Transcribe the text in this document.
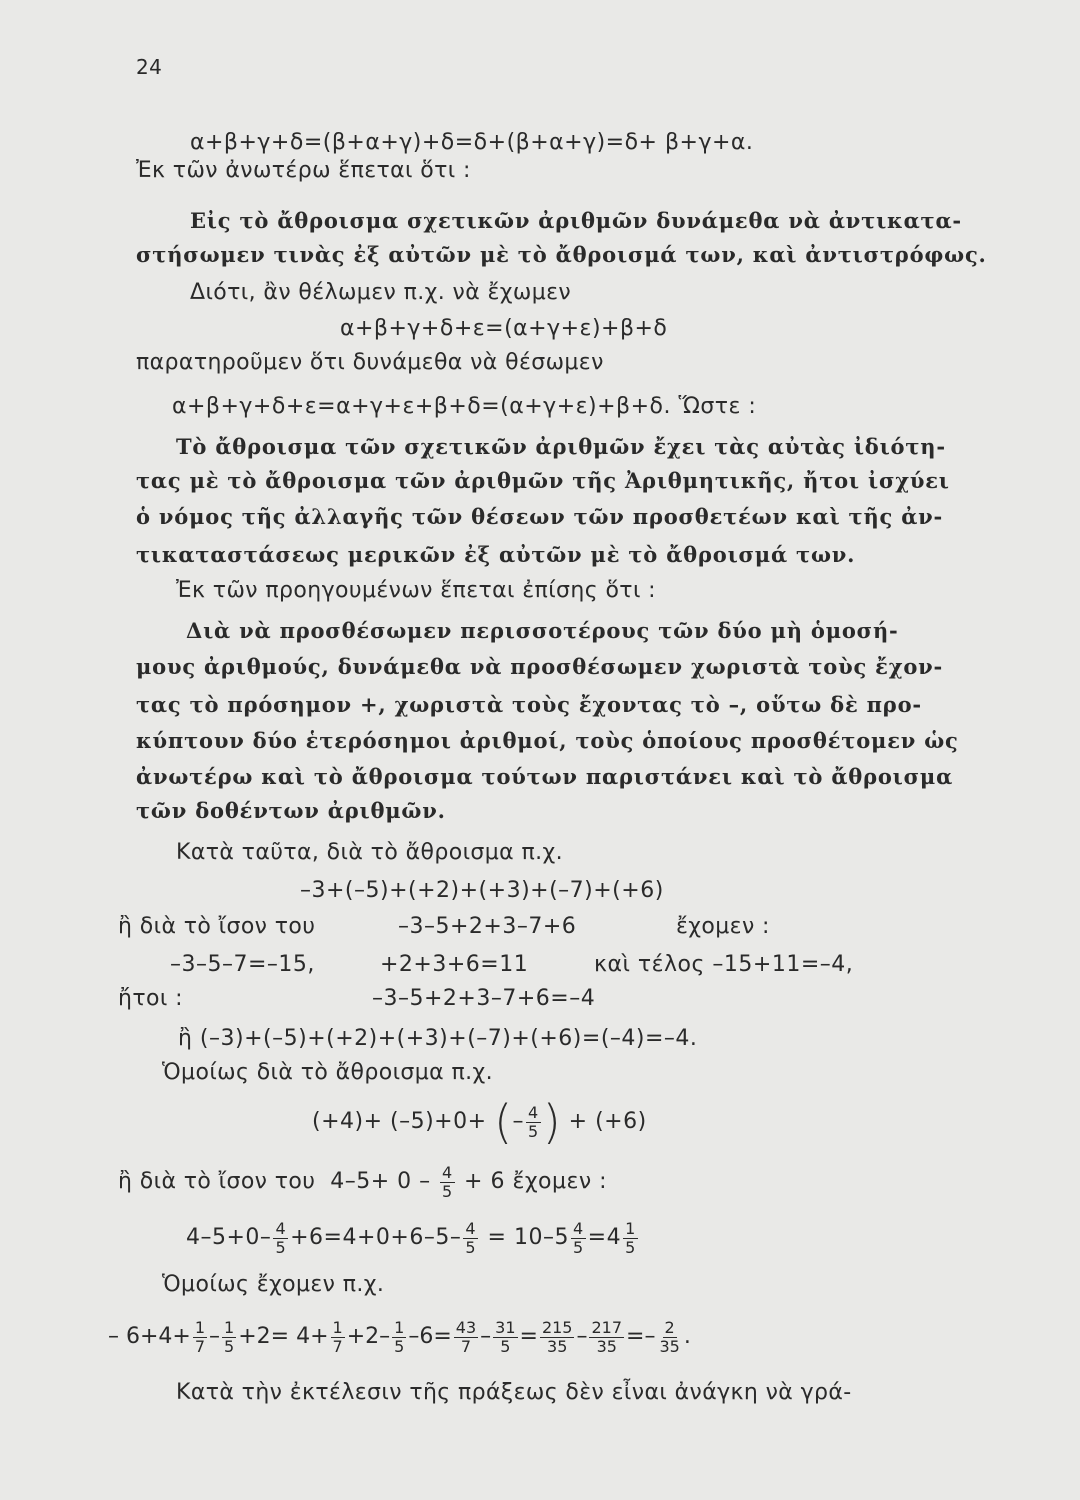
24
α+β+γ+δ=(β+α+γ)+δ=δ+(β+α+γ)=δ+ β+γ+α.
Ἐκ τῶν ἀνωτέρω ἕπεται ὅτι :
Εἰς τὸ ἄθροισμα σχετικῶν ἀριθμῶν δυνάμεθα νὰ ἀντικατα-
στήσωμεν τινὰς ἐξ αὐτῶν μὲ τὸ ἄθροισμά των, καὶ ἀντιστρόφως.
Διότι, ἂν θέλωμεν π.χ. νὰ ἔχωμεν
α+β+γ+δ+ε=(α+γ+ε)+β+δ
παρατηροῦμεν ὅτι δυνάμεθα νὰ θέσωμεν
α+β+γ+δ+ε=α+γ+ε+β+δ=(α+γ+ε)+β+δ. Ὥστε :
Τὸ ἄθροισμα τῶν σχετικῶν ἀριθμῶν ἔχει τὰς αὐτὰς ἰδιότη-
τας μὲ τὸ ἄθροισμα τῶν ἀριθμῶν τῆς Ἀριθμητικῆς, ἤτοι ἰσχύει
ὁ νόμος τῆς ἀλλαγῆς τῶν θέσεων τῶν προσθετέων καὶ τῆς ἀν-
τικαταστάσεως μερικῶν ἐξ αὐτῶν μὲ τὸ ἄθροισμά των.
Ἐκ τῶν προηγουμένων ἕπεται ἐπίσης ὅτι :
Διὰ νὰ προσθέσωμεν περισσοτέρους τῶν δύο μὴ ὁμοσή-
μους ἀριθμούς, δυνάμεθα νὰ προσθέσωμεν χωριστὰ τοὺς ἔχον-
τας τὸ πρόσημον +, χωριστὰ τοὺς ἔχοντας τὸ –, οὕτω δὲ προ-
κύπτουν δύο ἑτερόσημοι ἀριθμοί, τοὺς ὁποίους προσθέτομεν ὡς
ἀνωτέρω καὶ τὸ ἄθροισμα τούτων παριστάνει καὶ τὸ ἄθροισμα
τῶν δοθέντων ἀριθμῶν.
Κατὰ ταῦτα, διὰ τὸ ἄθροισμα π.χ.
–3+(–5)+(+2)+(+3)+(–7)+(+6)
ἢ διὰ τὸ ἴσον του	–3–5+2+3–7+6	ἔχομεν :
–3–5–7=–15,	+2+3+6=11	καὶ τέλος –15+11=–4,
ἤτοι :	–3–5+2+3–7+6=–4
ἢ (–3)+(–5)+(+2)+(+3)+(–7)+(+6)=(–4)=–4.
Ὁμοίως διὰ τὸ ἄθροισμα π.χ.
(+4)+ (–5)+0+ (– $\frac{4}{5}$ ) + (+6)
ἢ διὰ τὸ ἴσον του $4-5+ 0 - \frac{4}{5} + 6$ ἔχομεν :
$4-5+0- \frac{4}{5} +6=4+0+6-5- \frac{4}{5} = 10-5 \frac{4}{5} =4 \frac{1}{5}$
Ὁμοίως ἔχομεν π.χ.
– $6+4+ \frac{1}{7} - \frac{1}{5} +2= 4+ \frac{1}{7} +2- \frac{1}{5} -6= \frac{43}{7} - \frac{31}{5} = \frac{215}{35} - \frac{217}{35} =- \frac{2}{35}$ .
Κατὰ τὴν ἐκτέλεσιν τῆς πράξεως δὲν εἶναι ἀνάγκη νὰ γρά-
